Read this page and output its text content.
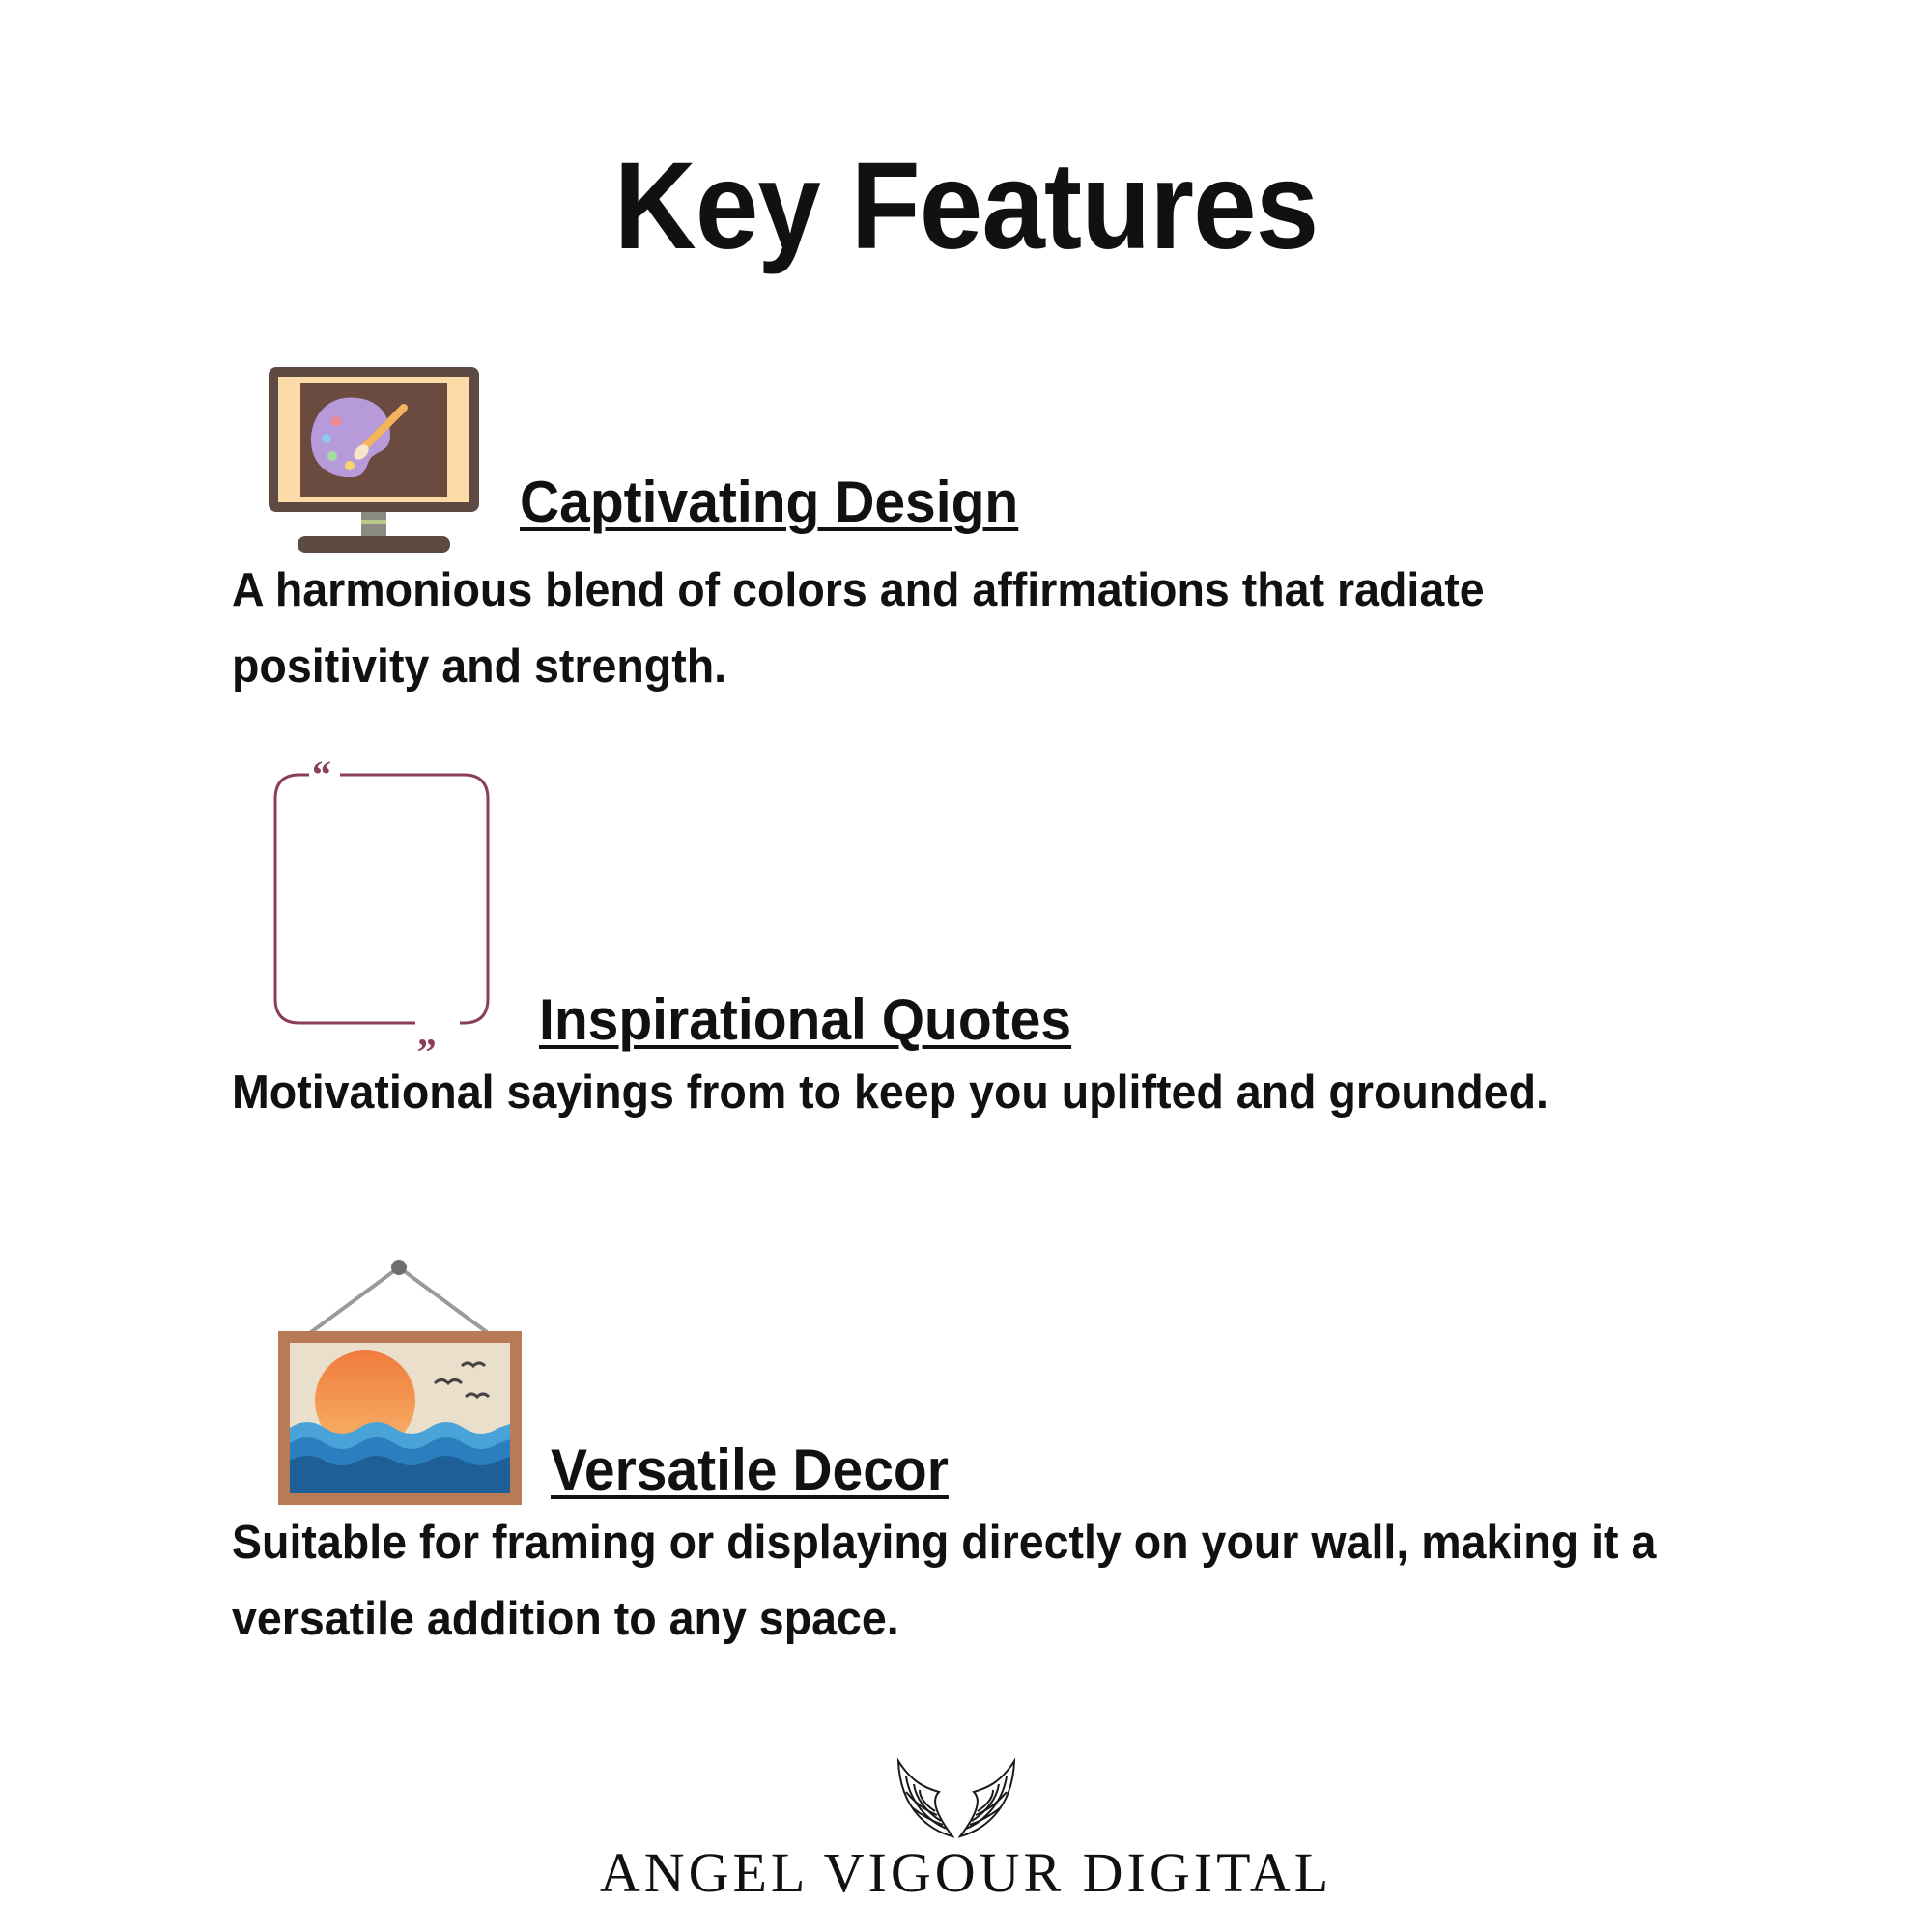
Key Features
Captivating Design

A harmonious blend of colors and affirmations that radiate positivity and strength.

“
„ Inspirational Quotes

Motivational sayings from to keep you uplifted and grounded.

Versatile Decor

Suitable for framing or displaying directly on your wall, making it a versatile addition to any space.

ANGEL VIGOUR DIGITAL
